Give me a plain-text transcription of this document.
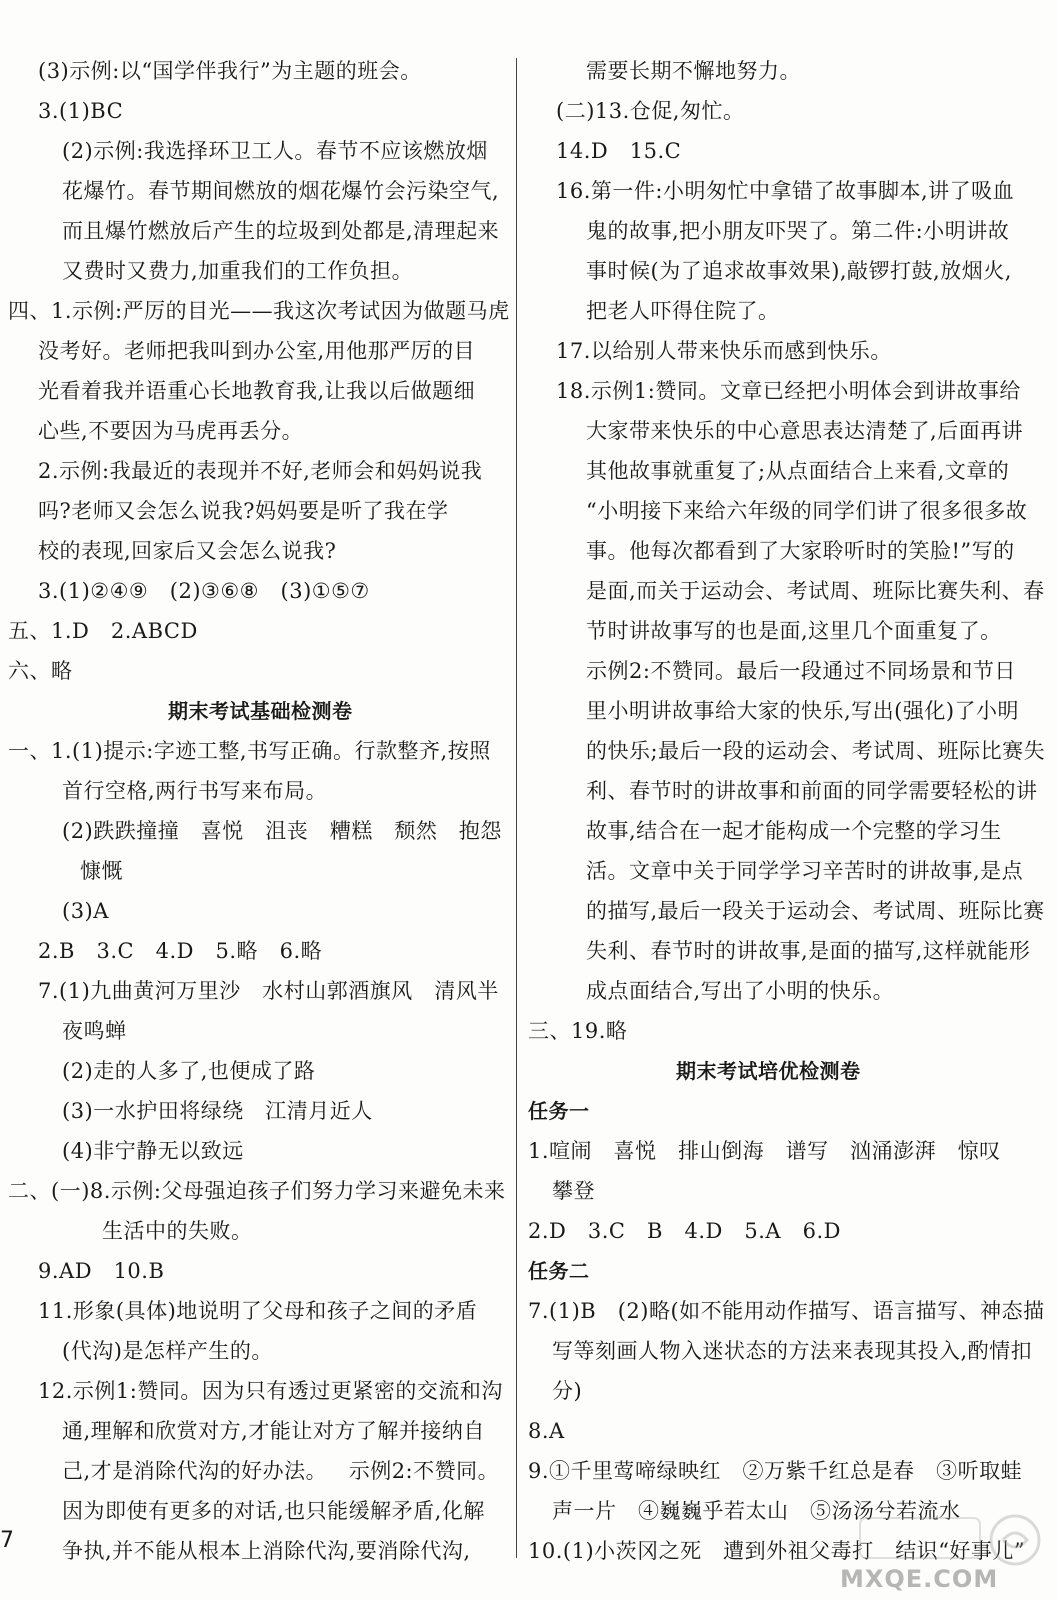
(3)示例:以“国学伴我行”为主题的班会。
3.(1)BC
(2)示例:我选择环卫工人。春节不应该燃放烟
花爆竹。春节期间燃放的烟花爆竹会污染空气,
而且爆竹燃放后产生的垃圾到处都是,清理起来
又费时又费力,加重我们的工作负担。
四、1.示例:严厉的目光——我这次考试因为做题马虎
没考好。老师把我叫到办公室,用他那严厉的目
光看着我并语重心长地教育我,让我以后做题细
心些,不要因为马虎再丢分。
2.示例:我最近的表现并不好,老师会和妈妈说我
吗?老师又会怎么说我?妈妈要是听了我在学
校的表现,回家后又会怎么说我?
3.(1)②④⑨   (2)③⑥⑧   (3)①⑤⑦
五、1.D   2.ABCD
六、略
期末考试基础检测卷
一、1.(1)提示:字迹工整,书写正确。行款整齐,按照
首行空格,两行书写来布局。
(2)跌跌撞撞   喜悦   沮丧   糟糕   颓然   抱怨
慷慨
(3)A
2.B   3.C   4.D   5.略   6.略
7.(1)九曲黄河万里沙   水村山郭酒旗风   清风半
夜鸣蝉
(2)走的人多了,也便成了路
(3)一水护田将绿绕   江清月近人
(4)非宁静无以致远
二、(一)8.示例:父母强迫孩子们努力学习来避免未来
生活中的失败。
9.AD   10.B
11.形象(具体)地说明了父母和孩子之间的矛盾
(代沟)是怎样产生的。
12.示例1:赞同。因为只有透过更紧密的交流和沟
通,理解和欣赏对方,才能让对方了解并接纳自
己,才是消除代沟的好办法。   示例2:不赞同。
因为即使有更多的对话,也只能缓解矛盾,化解
争执,并不能从根本上消除代沟,要消除代沟,
需要长期不懈地努力。
(二)13.仓促,匆忙。
14.D   15.C
16.第一件:小明匆忙中拿错了故事脚本,讲了吸血
鬼的故事,把小朋友吓哭了。第二件:小明讲故
事时候(为了追求故事效果),敲锣打鼓,放烟火,
把老人吓得住院了。
17.以给别人带来快乐而感到快乐。
18.示例1:赞同。文章已经把小明体会到讲故事给
大家带来快乐的中心意思表达清楚了,后面再讲
其他故事就重复了;从点面结合上来看,文章的
“小明接下来给六年级的同学们讲了很多很多故
事。他每次都看到了大家聆听时的笑脸!”写的
是面,而关于运动会、考试周、班际比赛失利、春
节时讲故事写的也是面,这里几个面重复了。
示例2:不赞同。最后一段通过不同场景和节日
里小明讲故事给大家的快乐,写出(强化)了小明
的快乐;最后一段的运动会、考试周、班际比赛失
利、春节时的讲故事和前面的同学需要轻松的讲
故事,结合在一起才能构成一个完整的学习生
活。文章中关于同学学习辛苦时的讲故事,是点
的描写,最后一段关于运动会、考试周、班际比赛
失利、春节时的讲故事,是面的描写,这样就能形
成点面结合,写出了小明的快乐。
三、19.略
期末考试培优检测卷
任务一
1.喧闹   喜悦   排山倒海   谱写   汹涌澎湃   惊叹
攀登
2.D   3.C   B   4.D   5.A   6.D
任务二
7.(1)B   (2)略(如不能用动作描写、语言描写、神态描
写等刻画人物入迷状态的方法来表现其投入,酌情扣
分)
8.A
9.①千里莺啼绿映红   ②万紫千红总是春   ③听取蛙
声一片   ④巍巍乎若太山   ⑤汤汤兮若流水
10.(1)小茨冈之死   遭到外祖父毒打   结识“好事儿”
7
MXQE.COM
